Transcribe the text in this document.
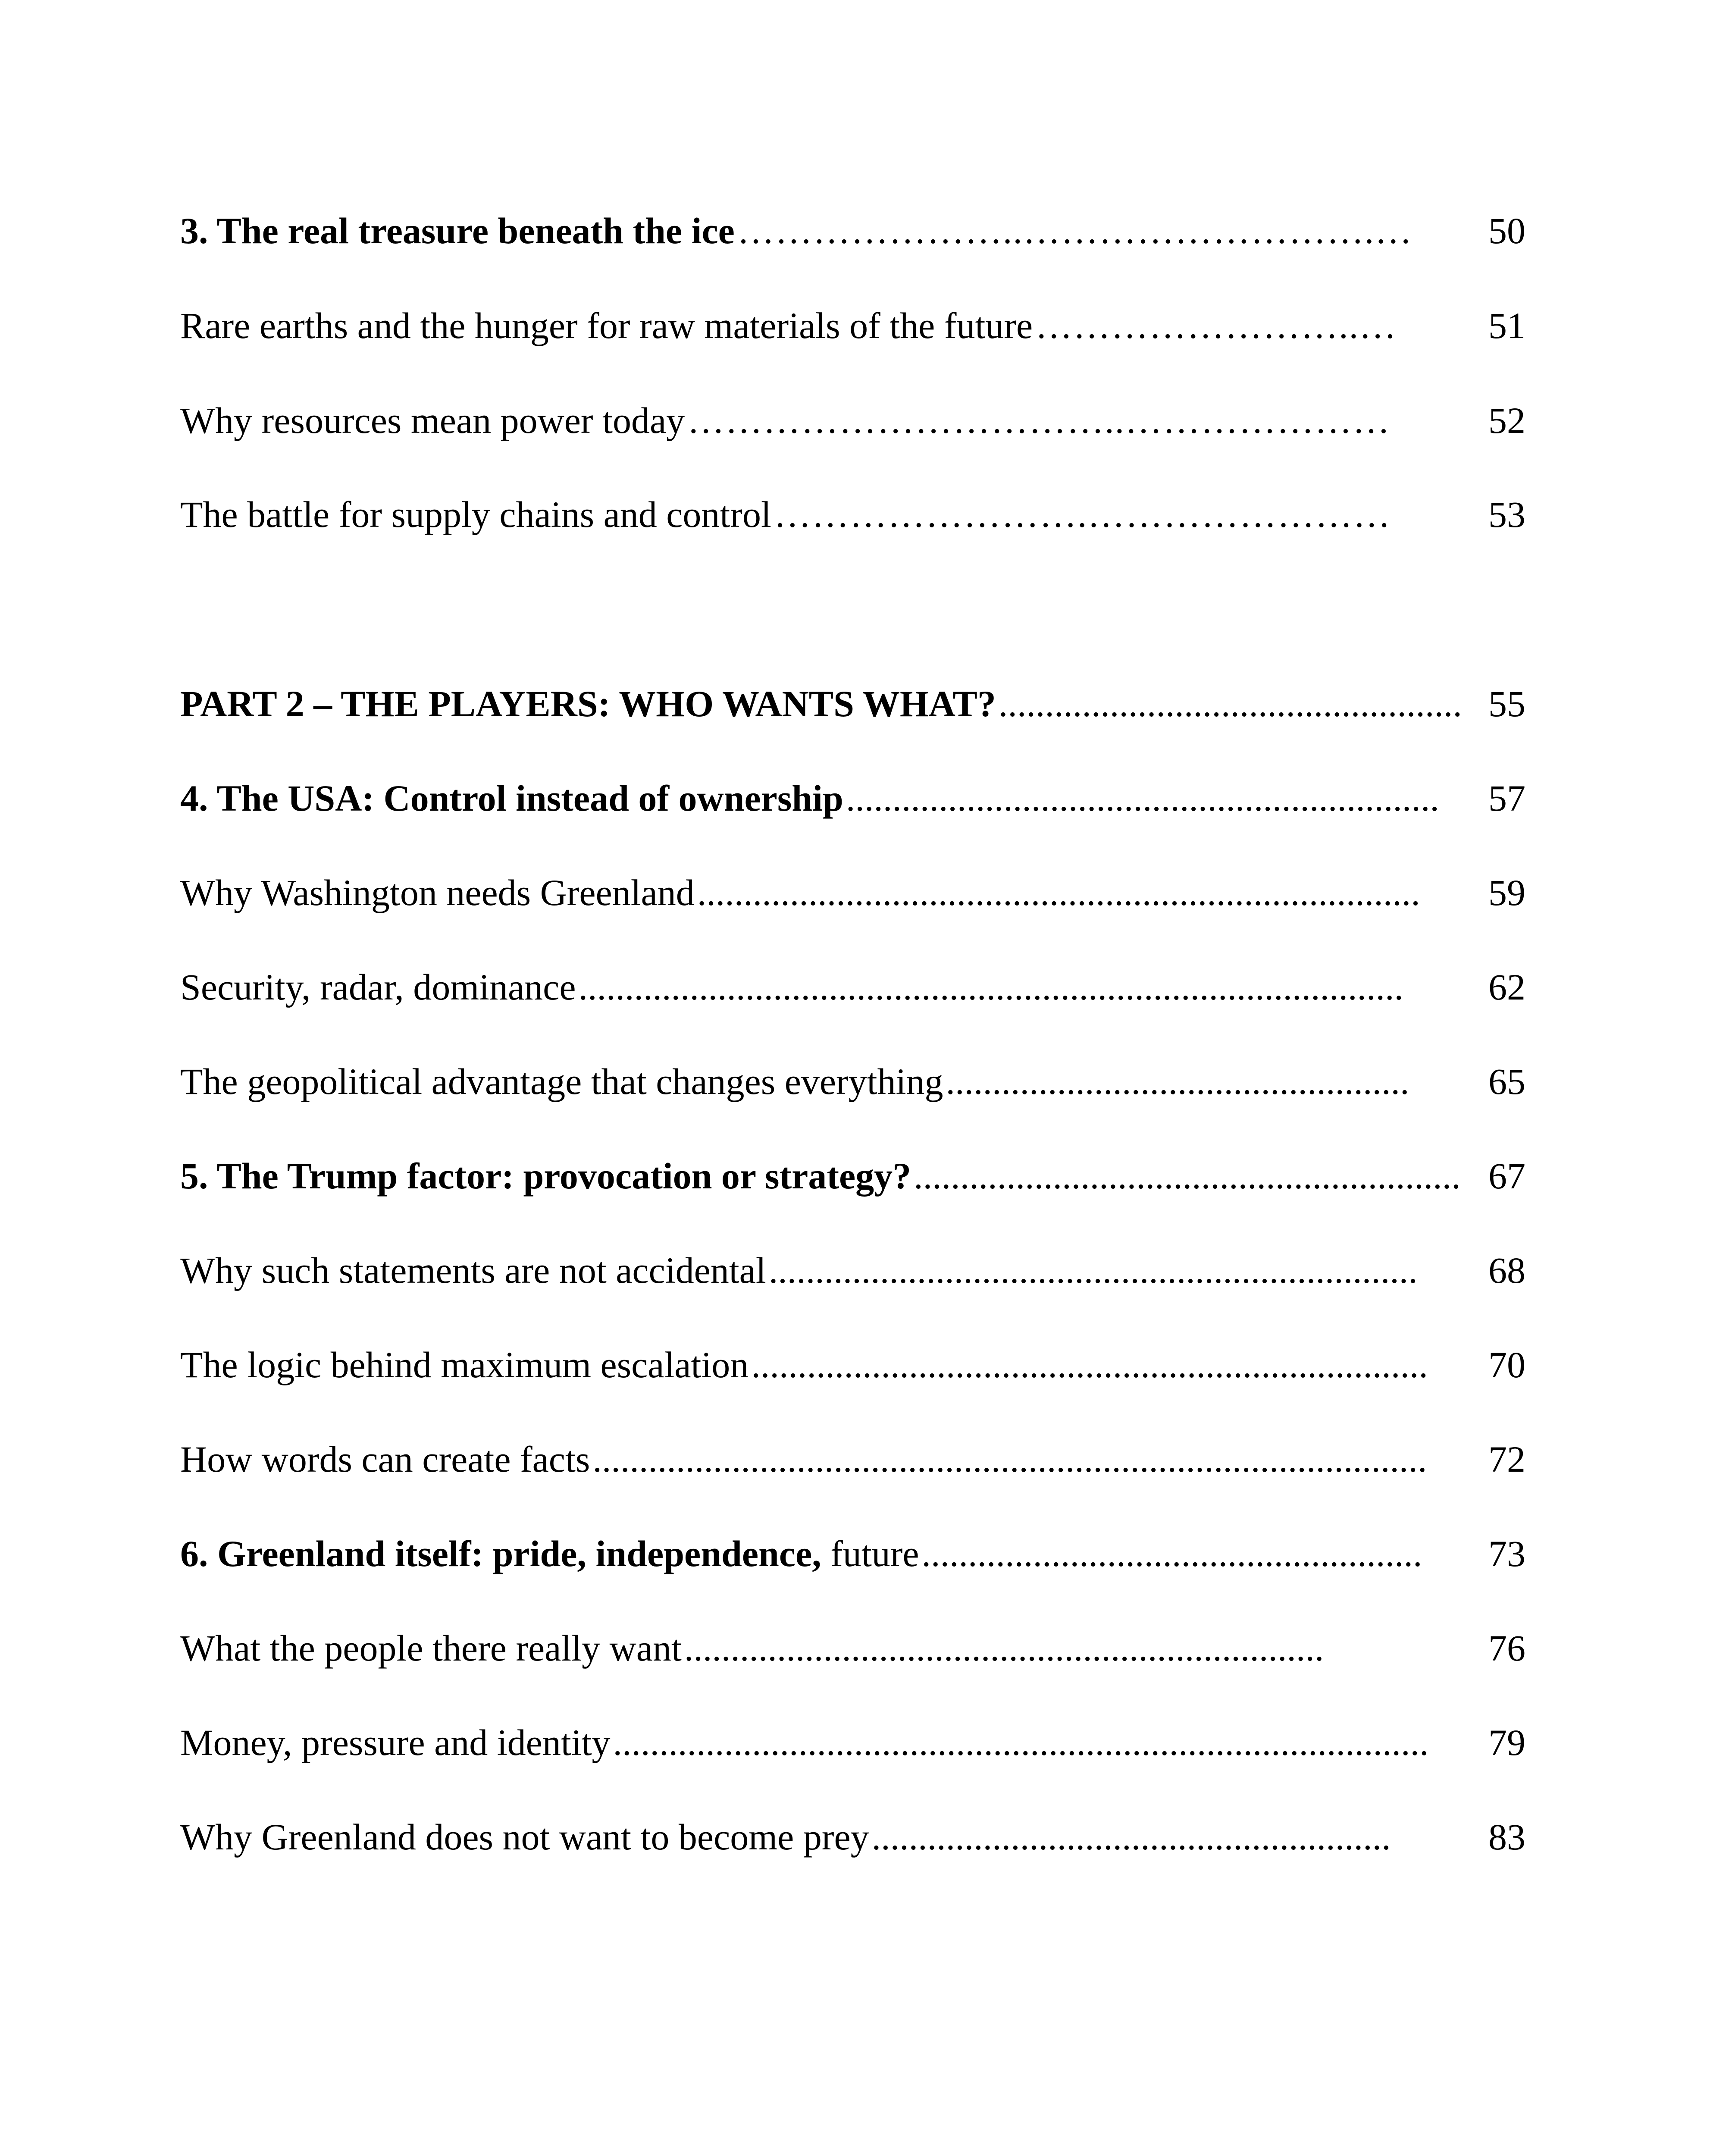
3. The real treasure beneath the ice …………………..……………………….…	50
Rare earths and the hunger for raw materials of the future ……………………..…	51
Why resources mean power today ……………………………..…………………	52
The battle for supply chains and control …………………….……………………	53
PART 2 – THE PLAYERS: WHO WANTS WHAT? .................................................. 55
4. The USA: Control instead of ownership ................................................................	57
Why Washington needs Greenland ..............................................................................	59
Security, radar, dominance .........................................................................................	62
The geopolitical advantage that changes everything ..................................................	65
5. The Trump factor: provocation or strategy? ........................................................... 67
Why such statements are not accidental ......................................................................	68
The logic behind maximum escalation .........................................................................	70
How words can create facts ..........................................................................................	72
6. Greenland itself: pride, independence, future ......................................................	73
What the people there really want .....................................................................	76
Money, pressure and identity ........................................................................................	79
Why Greenland does not want to become prey ........................................................	83
